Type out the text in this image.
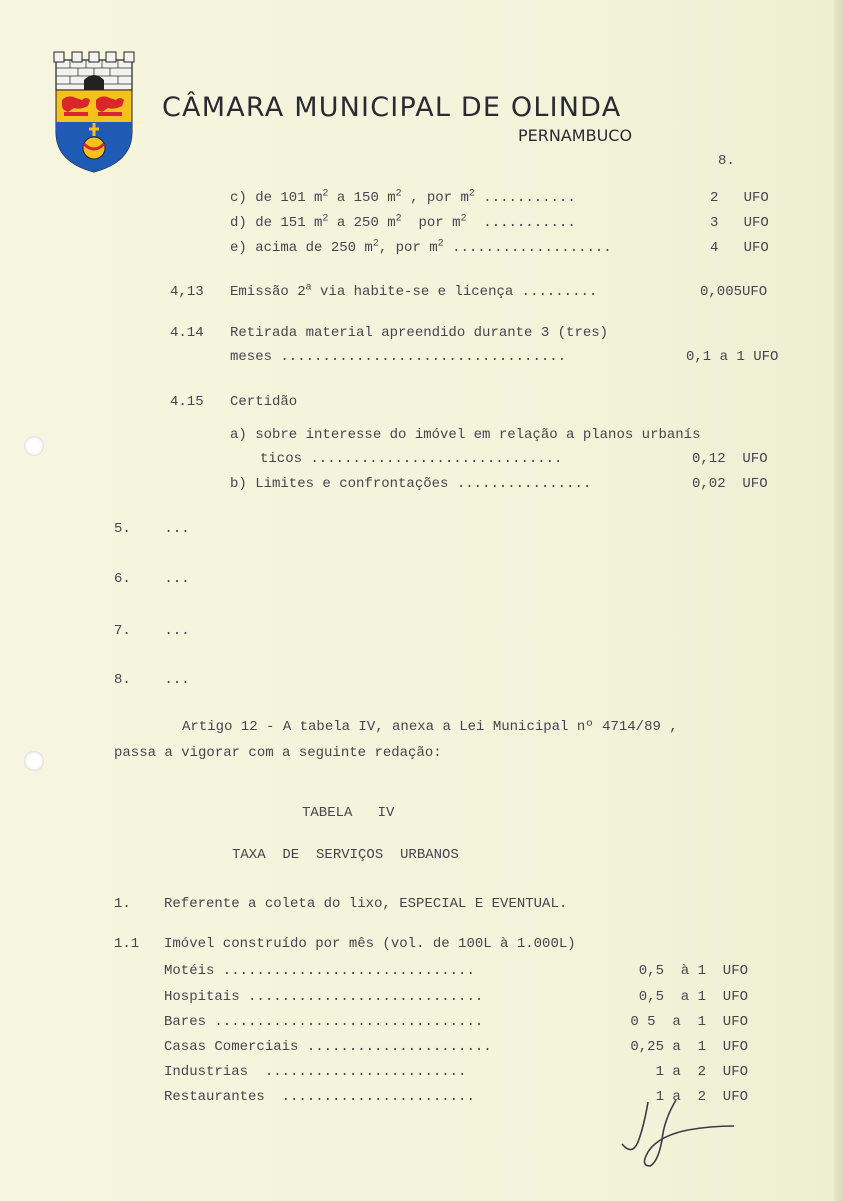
CÂMARA MUNICIPAL DE OLINDA
PERNAMBUCO
8.
c) de 101 $m^2$ a 150 $m^2$ , por $m^2$ ...........	2   UFO
d) de 151 $m^2$ a 250 $m^2$  por $m^2$  ...........	3   UFO
e) acima de 250 $m^2$, por $m^2$ ...................	4   UFO
4,13 Emissão 2$^a$ via habite-se e licença .........	0,005UFO
4.14 Retirada material apreendido durante 3 (tres)
meses ..................................	0,1 a 1 UFO
4.15 Certidão
a) sobre interesse do imóvel em relação a planos urbanís
ticos ..............................	0,12  UFO
b) Limites e confrontações ................	0,02  UFO
5.    ...
6.    ...
7.    ...
8.    ...
Artigo 12 - A tabela IV, anexa a Lei Municipal nº 4714/89 ,
passa a vigorar com a seguinte redação:
TABELA   IV
TAXA  DE  SERVIÇOS  URBANOS
1. Referente a coleta do lixo, ESPECIAL E EVENTUAL.
1.1 Imóvel construído por mês (vol. de 100L à 1.000L)
Motéis ..............................	0,5  à 1  UFO
Hospitais ............................	0,5  a 1  UFO
Bares ................................	0 5  a  1  UFO
Casas Comerciais ......................	0,25 a  1  UFO
Industrias  ........................	1 a  2  UFO
Restaurantes  .......................	1 a  2  UFO
